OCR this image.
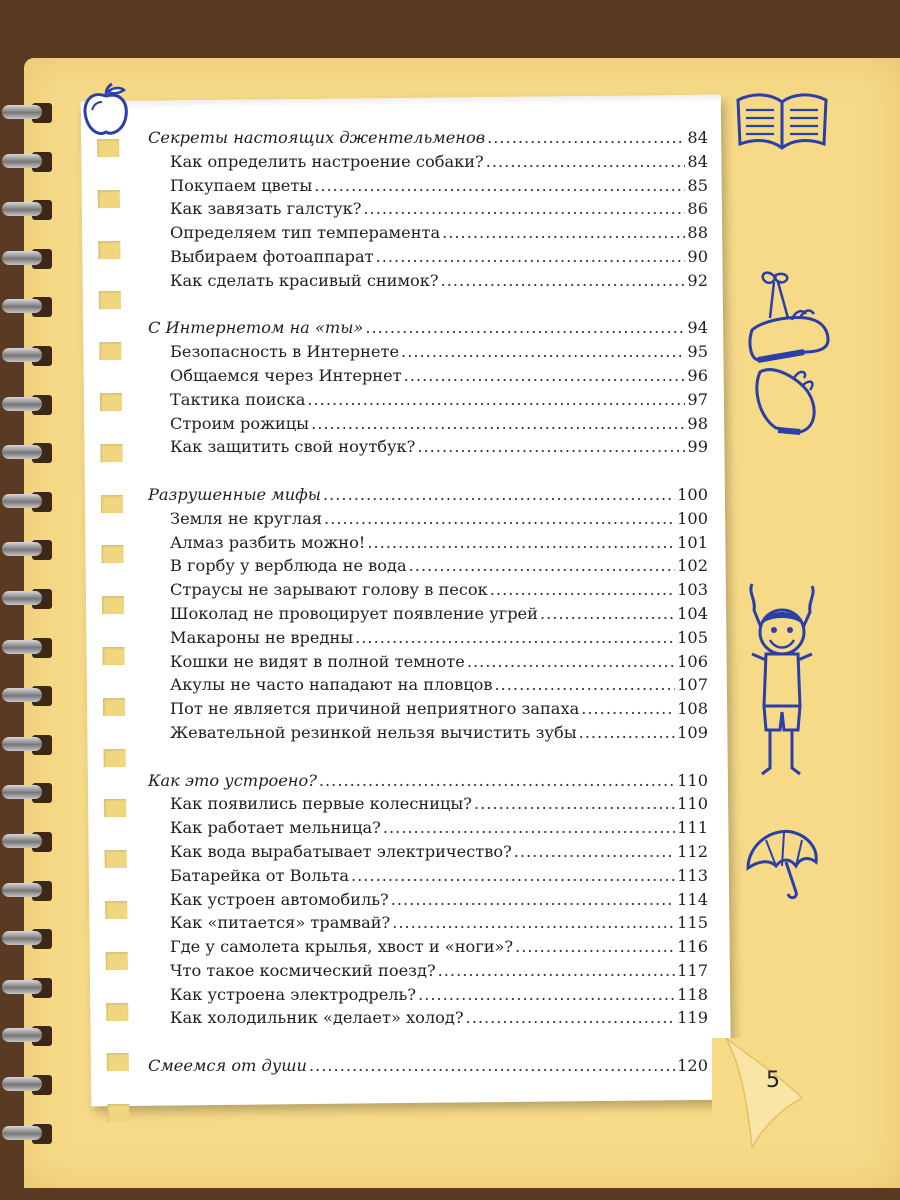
5
Секреты настоящих джентельменов .....	84
Как определить настроение собаки? .....	84
Покупаем цветы .....	85
Как завязать галстук? .....	86
Определяем тип темперамента .....	88
Выбираем фотоаппарат .....	90
Как сделать красивый снимок? .....	92
С Интернетом на «ты» .....	94
Безопасность в Интернете .....	95
Общаемся через Интернет .....	96
Тактика поиска .....	97
Строим рожицы .....	98
Как защитить свой ноутбук? .....	99
Разрушенные мифы .....	100
Земля не круглая .....	100
Алмаз разбить можно! .....	101
В горбу у верблюда не вода .....	102
Страусы не зарывают голову в песок .....	103
Шоколад не провоцирует появление угрей .....	104
Макароны не вредны .....	105
Кошки не видят в полной темноте .....	106
Акулы не часто нападают на пловцов .....	107
Пот не является причиной неприятного запаха .....	108
Жевательной резинкой нельзя вычистить зубы .....	109
Как это устроено? .....	110
Как появились первые колесницы? .....	110
Как работает мельница? .....	111
Как вода вырабатывает электричество? .....	112
Батарейка от Вольта .....	113
Как устроен автомобиль? .....	114
Как «питается» трамвай? .....	115
Где у самолета крылья, хвост и «ноги»? .....	116
Что такое космический поезд? .....	117
Как устроена электродрель? .....	118
Как холодильник «делает» холод? .....	119
Смеемся от души .....	120
